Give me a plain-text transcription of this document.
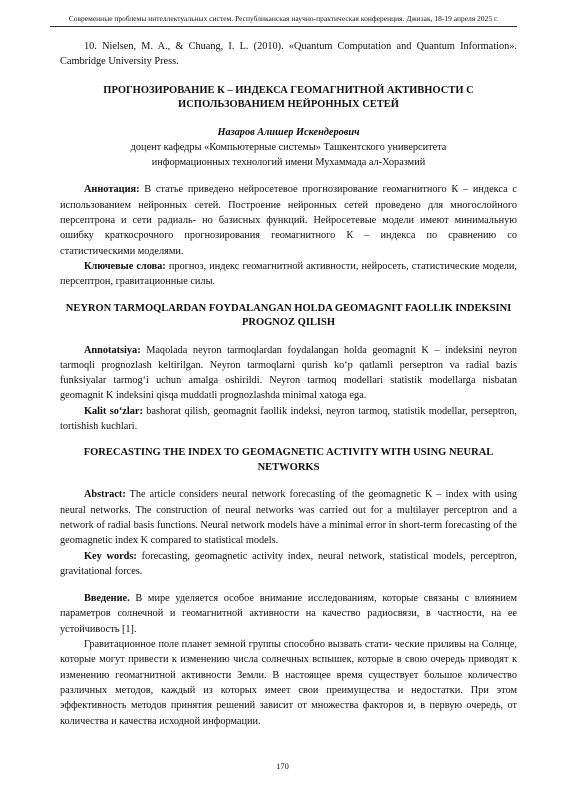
Современные проблемы интеллектуальных систем. Республиканская научно-практическая конференция. Джизак, 18-19 апреля 2025 г.

10. Nielsen, M. A., & Chuang, I. L. (2010). «Quantum Computation and Quantum Information». Cambridge University Press.

ПРОГНОЗИРОВАНИЕ К – ИНДЕКСА ГЕОМАГНИТНОЙ АКТИВНОСТИ С ИСПОЛЬЗОВАНИЕМ НЕЙРОННЫХ СЕТЕЙ

Назаров Алишер Искендерович

доцент кафедры «Компьютерные системы» Ташкентского университета

информационных технологий имени Мухаммада ал-Хоразмий

Аннотация: В статье приведено нейросетевое прогнозирование геомагнитного К – индекса с использованием нейронных сетей. Построение нейронных сетей проведено для многослойного персептрона и сети радиаль- но базисных функций. Нейросетевые модели имеют минимальную ошибку краткосрочного прогнозирования геомагнитного К – индекса по сравнению со статистическими моделями.

Ключевые слова: прогноз, индекс геомагнитной активности, нейросеть, статистические модели, персептрон, гравитационные силы.

NEYRON TARMOQLARDAN FOYDALANGAN HOLDA GEOMAGNIT FAOLLIK INDEKSINI PROGNOZ QILISH

Annotatsiya: Maqolada neyron tarmoqlardan foydalangan holda geomagnit K – indeksini neyron tarmoqli prognozlash keltirilgan. Neyron tarmoqlarni qurish ko‘p qatlamli perseptron va radial bazis funksiyalar tarmog‘i uchun amalga oshirildi. Neyron tarmoq modellari statistik modellarga nisbatan geomagnit K indeksini qisqa muddatli prognozlashda minimal xatoga ega.

Kalit so‘zlar: bashorat qilish, geomagnit faollik indeksi, neyron tarmoq, statistik modellar, perseptron, tortishish kuchlari.

FORECASTING THE INDEX TO GEOMAGNETIC ACTIVITY WITH USING NEURAL NETWORKS

Abstract: The article considers neural network forecasting of the geomagnetic K – index with using neural networks. The construction of neural networks was carried out for a multilayer perceptron and a network of radial basis functions. Neural network models have a minimal error in short-term forecasting of the geomagnetic index K compared to statistical models.

Key words: forecasting, geomagnetic activity index, neural network, statistical models, perceptron, gravitational forces.

Введение. В мире уделяется особое внимание исследованиям, которые связаны с влиянием параметров солнечной и геомагнитной активности на качество радиосвязи, в частности, на ее устойчивость [1].

Гравитационное поле планет земной группы способно вызвать стати- ческие приливы на Солнце, которые могут привести к изменению числа солнечных вспышек, которые в свою очередь приводят к изменению геомагнитной активности Земли. В настоящее время существует большое количество различных методов, каждый из которых имеет свои преимущества и недостатки. При этом эффективность методов принятия решений зависит от множества факторов и, в первую очередь, от количества и качества исходной информации.

170
